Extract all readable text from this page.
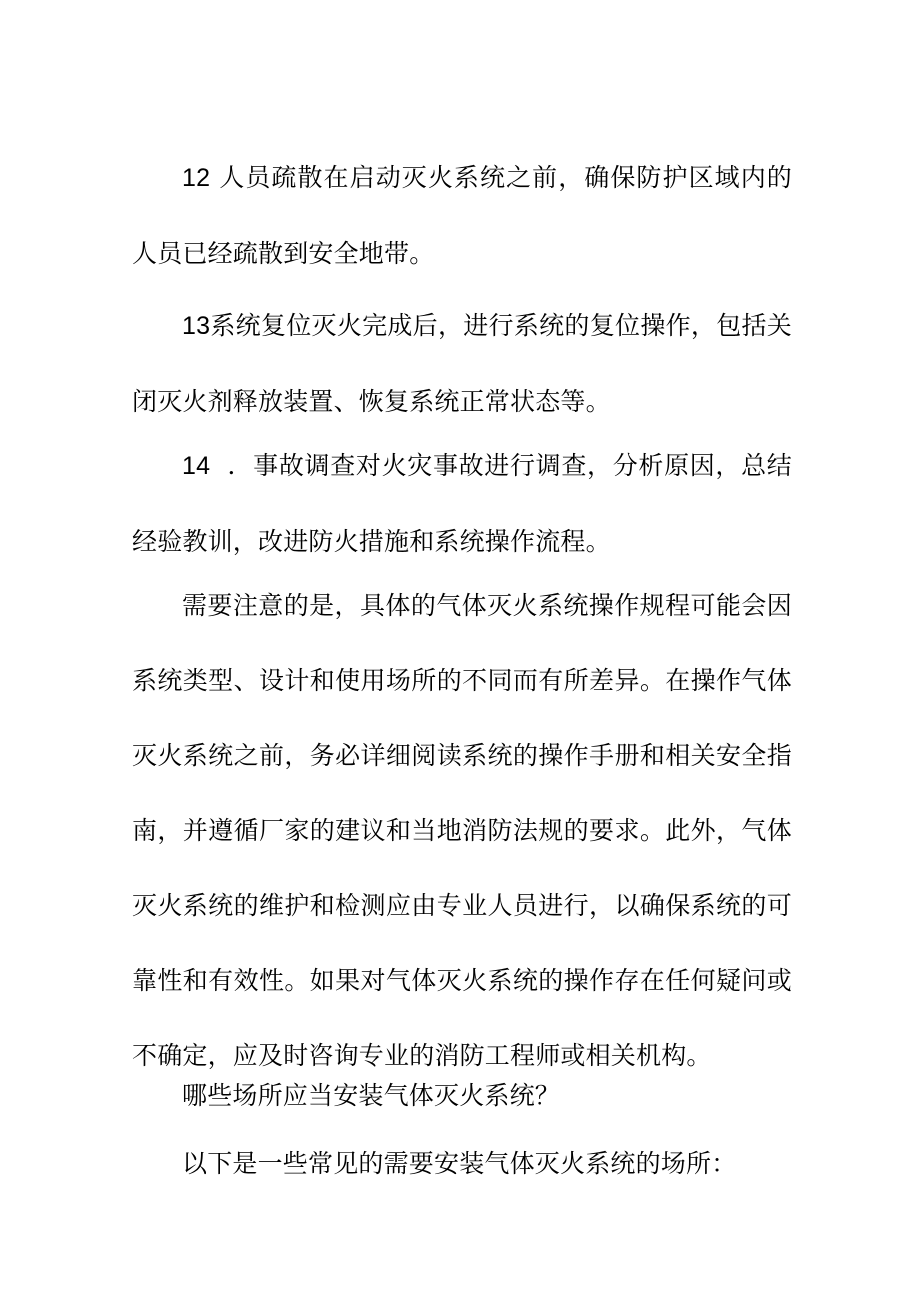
12 人员疏散在启动灭火系统之前，确保防护区域内的人员已经疏散到安全地带。

13系统复位灭火完成后，进行系统的复位操作，包括关闭灭火剂释放装置、恢复系统正常状态等。

14 ．事故调查对火灾事故进行调查，分析原因，总结经验教训，改进防火措施和系统操作流程。

需要注意的是，具体的气体灭火系统操作规程可能会因系统类型、设计和使用场所的不同而有所差异。在操作气体灭火系统之前，务必详细阅读系统的操作手册和相关安全指南，并遵循厂家的建议和当地消防法规的要求。此外，气体灭火系统的维护和检测应由专业人员进行，以确保系统的可靠性和有效性。如果对气体灭火系统的操作存在任何疑问或不确定，应及时咨询专业的消防工程师或相关机构。

哪些场所应当安装气体灭火系统？

以下是一些常见的需要安装气体灭火系统的场所：
